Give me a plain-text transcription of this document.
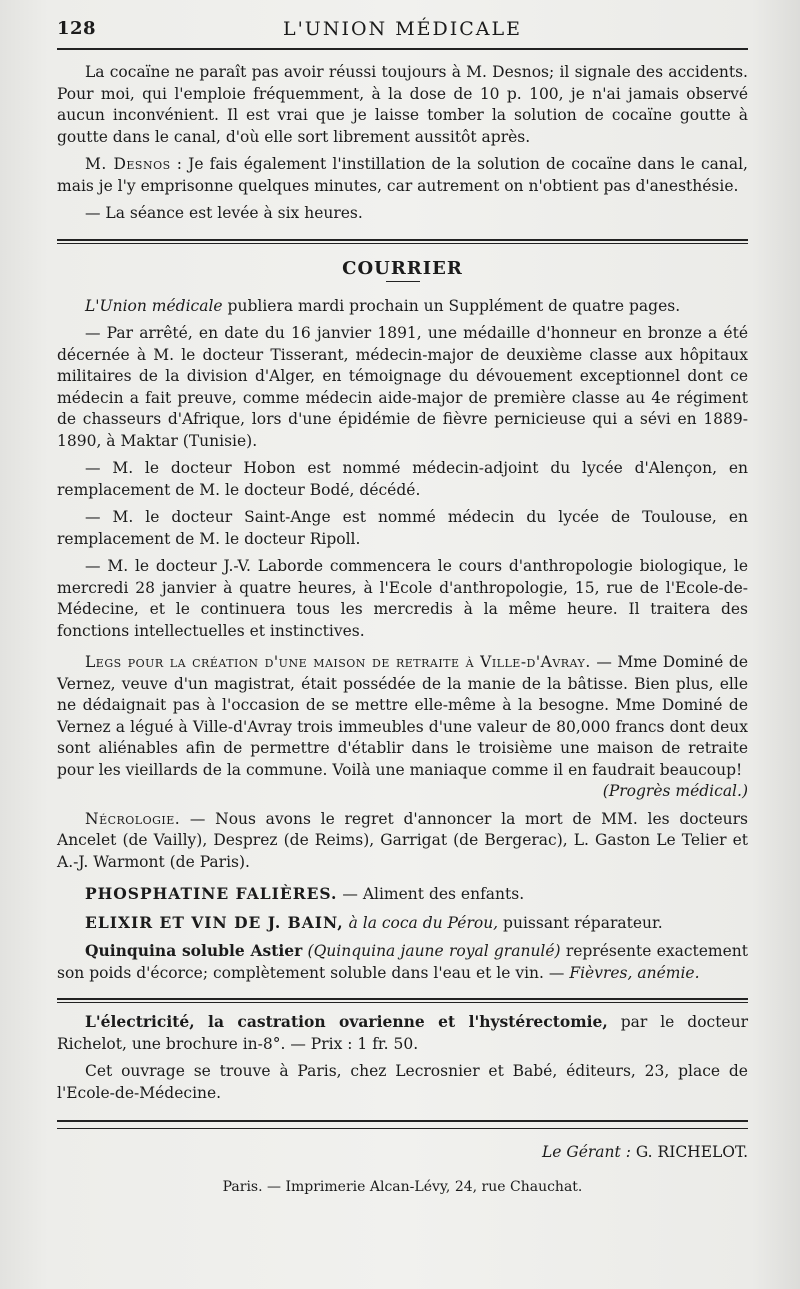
128	L'UNION MÉDICALE

La cocaïne ne paraît pas avoir réussi toujours à M. Desnos; il signale des accidents. Pour moi, qui l'emploie fréquemment, à la dose de 10 p. 100, je n'ai jamais observé aucun inconvénient. Il est vrai que je laisse tomber la solution de cocaïne goutte à goutte dans le canal, d'où elle sort librement aussitôt après.

M. Desnos : Je fais également l'instillation de la solution de cocaïne dans le canal, mais je l'y emprisonne quelques minutes, car autrement on n'obtient pas d'anesthésie.

— La séance est levée à six heures.

COURRIER

L'Union médicale publiera mardi prochain un Supplément de quatre pages.

— Par arrêté, en date du 16 janvier 1891, une médaille d'honneur en bronze a été décernée à M. le docteur Tisserant, médecin-major de deuxième classe aux hôpitaux militaires de la division d'Alger, en témoignage du dévouement exceptionnel dont ce médecin a fait preuve, comme médecin aide-major de première classe au 4e régiment de chasseurs d'Afrique, lors d'une épidémie de fièvre pernicieuse qui a sévi en 1889-1890, à Maktar (Tunisie).

— M. le docteur Hobon est nommé médecin-adjoint du lycée d'Alençon, en remplacement de M. le docteur Bodé, décédé.

— M. le docteur Saint-Ange est nommé médecin du lycée de Toulouse, en remplacement de M. le docteur Ripoll.

— M. le docteur J.-V. Laborde commencera le cours d'anthropologie biologique, le mercredi 28 janvier à quatre heures, à l'Ecole d'anthropologie, 15, rue de l'Ecole-de-Médecine, et le continuera tous les mercredis à la même heure. Il traitera des fonctions intellectuelles et instinctives.

Legs pour la création d'une maison de retraite à Ville-d'Avray. — Mme Dominé de Vernez, veuve d'un magistrat, était possédée de la manie de la bâtisse. Bien plus, elle ne dédaignait pas à l'occasion de se mettre elle-même à la besogne. Mme Dominé de Vernez a légué à Ville-d'Avray trois immeubles d'une valeur de 80,000 francs dont deux sont aliénables afin de permettre d'établir dans le troisième une maison de retraite pour les vieillards de la commune. Voilà une maniaque comme il en faudrait beaucoup!

(Progrès médical.)

Nécrologie. — Nous avons le regret d'annoncer la mort de MM. les docteurs Ancelet (de Vailly), Desprez (de Reims), Garrigat (de Bergerac), L. Gaston Le Telier et A.-J. Warmont (de Paris).

PHOSPHATINE FALIÈRES. — Aliment des enfants.

ELIXIR ET VIN DE J. BAIN, à la coca du Pérou, puissant réparateur.

Quinquina soluble Astier (Quinquina jaune royal granulé) représente exactement son poids d'écorce; complètement soluble dans l'eau et le vin. — Fièvres, anémie.

L'électricité, la castration ovarienne et l'hystérectomie, par le docteur Richelot, une brochure in-8°. — Prix : 1 fr. 50.

Cet ouvrage se trouve à Paris, chez Lecrosnier et Babé, éditeurs, 23, place de l'Ecole-de-Médecine.

Le Gérant : G. RICHELOT.
Paris. — Imprimerie Alcan-Lévy, 24, rue Chauchat.
